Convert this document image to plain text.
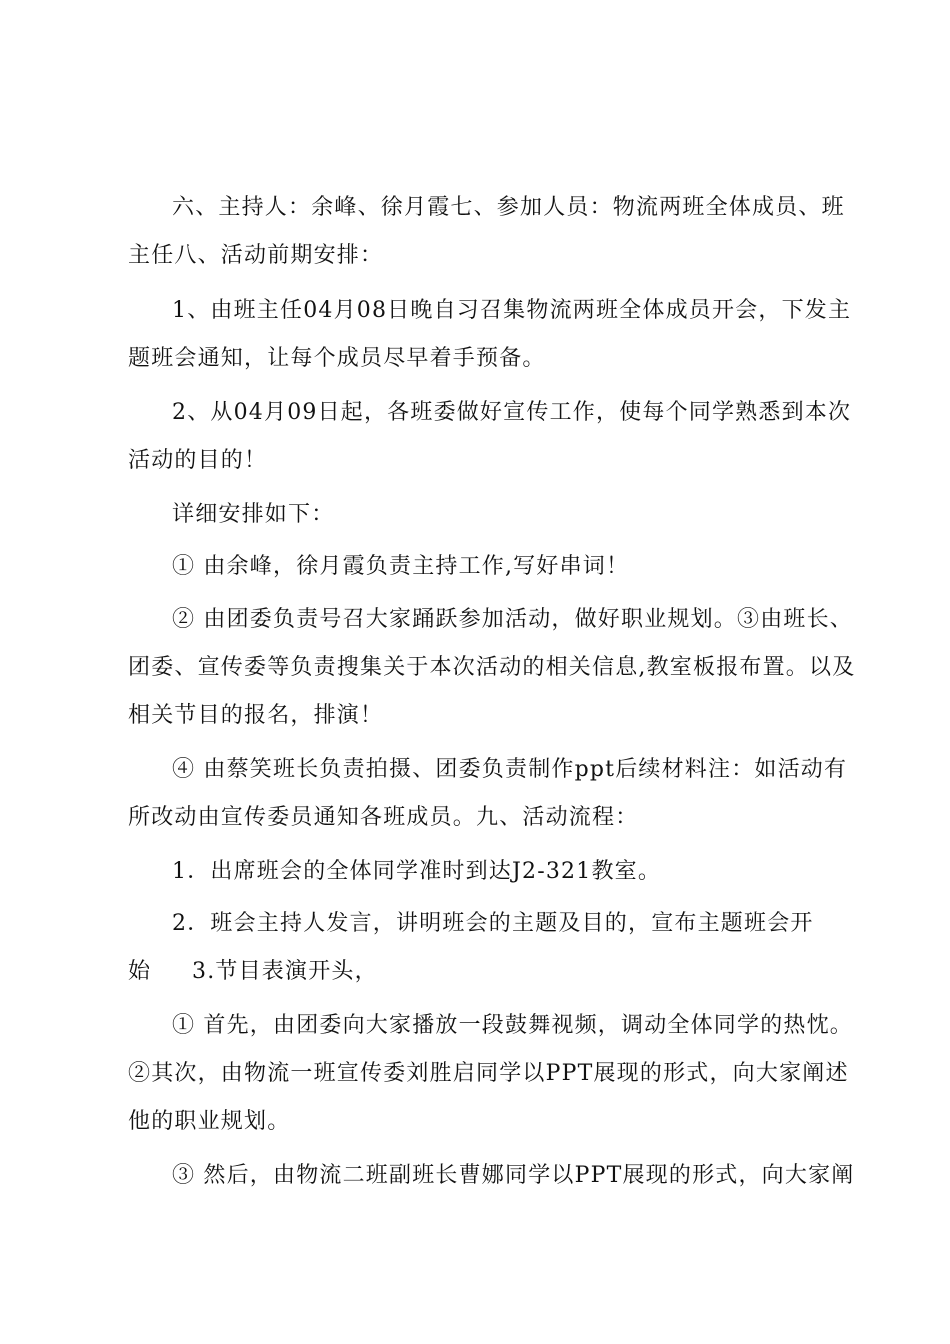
六、主持人：余峰、徐月霞七、参加人员：物流两班全体成员、班
主任八、活动前期安排：
1、由班主任04月08日晚自习召集物流两班全体成员开会，下发主
题班会通知，让每个成员尽早着手预备。
2、从04月09日起，各班委做好宣传工作，使每个同学熟悉到本次
活动的目的！
详细安排如下：
① 由余峰，徐月霞负责主持工作,写好串词！
② 由团委负责号召大家踊跃参加活动，做好职业规划。③由班长、
团委、宣传委等负责搜集关于本次活动的相关信息,教室板报布置。以及
相关节目的报名，排演！
④ 由蔡笑班长负责拍摄、团委负责制作ppt后续材料注：如活动有
所改动由宣传委员通知各班成员。九、活动流程：
1．出席班会的全体同学准时到达J2-321教室。
2．班会主持人发言，讲明班会的主题及目的，宣布主题班会开
始	3.节目表演开头，
① 首先，由团委向大家播放一段鼓舞视频，调动全体同学的热忱。
②其次，由物流一班宣传委刘胜启同学以PPT展现的形式，向大家阐述
他的职业规划。
③ 然后，由物流二班副班长曹娜同学以PPT展现的形式，向大家阐
